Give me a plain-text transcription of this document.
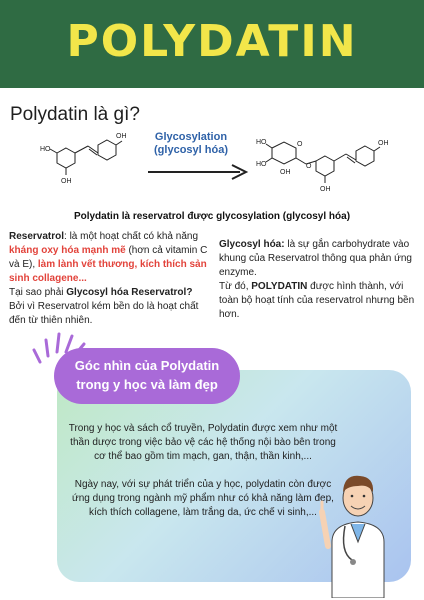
POLYDATIN
Polydatin là gì?
OH
HO
OH
OH
HO
HO
O
O
OH
OH
Glycosylation
(glycosyl hóa)
Polydatin là reservatrol được glycosylation (glycosyl hóa)
Reservatrol: là một hoạt chất có khả năng kháng oxy hóa mạnh mẽ (hơn cả vitamin C và E), làm lành vết thương, kích thích sản sinh collagene...
Tại sao phải Glycosyl hóa Reservatrol?
Bởi vì Reservatrol kém bền do là hoạt chất đến từ thiên nhiên.
Glycosyl hóa: là sự gắn carbohydrate vào khung của Reservatrol thông qua phản ứng enzyme.
Từ đó, POLYDATIN được hình thành, với toàn bộ hoạt tính của reservatrol nhưng bền hơn.

Trong y học và sách cổ truyền, Polydatin được xem như một thần dược trong việc bảo vệ các hệ thống nội bào bên trong cơ thể bao gồm tim mạch, gan, thận, thần kinh,...

Ngày nay, với sự phát triển của y học, polydatin còn được ứng dụng trong ngành mỹ phẩm như có khả năng làm đẹp, kích thích collagene, làm trắng da, ức chế vi sinh,...

Góc nhìn của Polydatin
trong y học và làm đẹp
